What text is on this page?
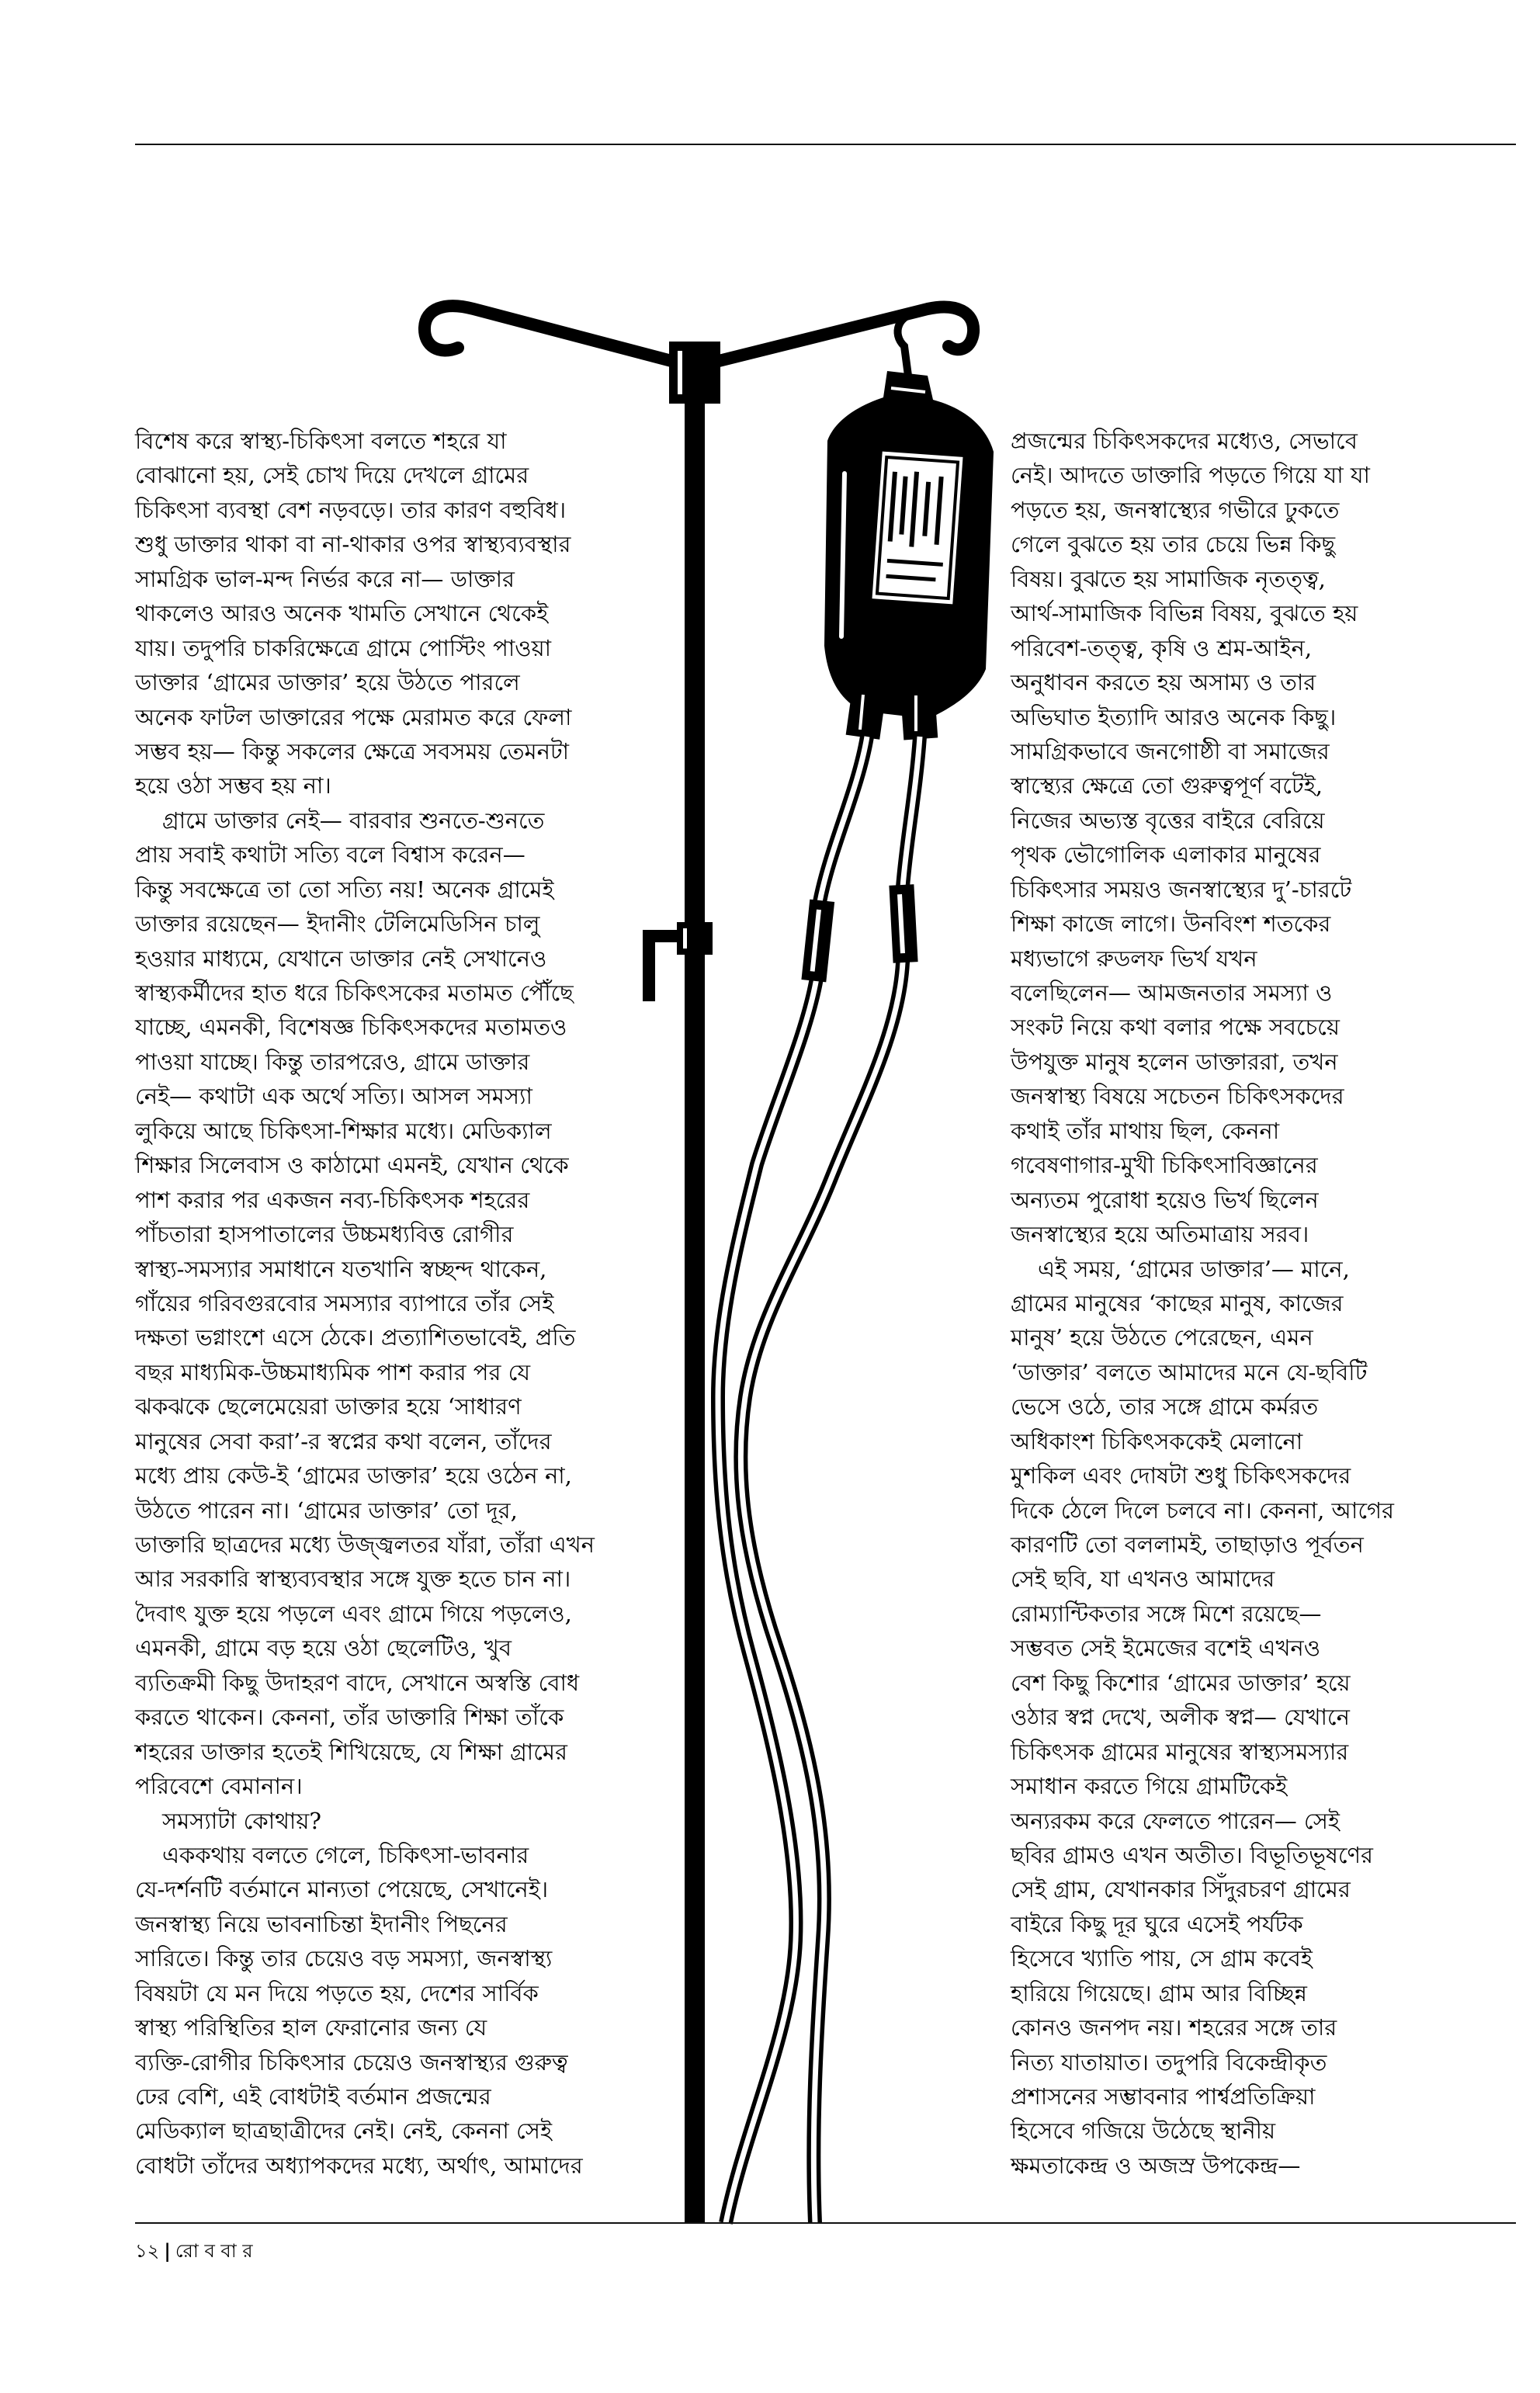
বিশেষ করে স্বাস্থ্য-চিকিৎসা বলতে শহরে যা
বোঝানো হয়, সেই চোখ দিয়ে দেখলে গ্রামের
চিকিৎসা ব্যবস্থা বেশ নড়বড়ে। তার কারণ বহুবিধ।
শুধু ডাক্তার থাকা বা না-থাকার ওপর স্বাস্থ্যব্যবস্থার
সামগ্রিক ভাল-মন্দ নির্ভর করে না— ডাক্তার
থাকলেও আরও অনেক খামতি সেখানে থেকেই
যায়। তদুপরি চাকরিক্ষেত্রে গ্রামে পোস্টিং পাওয়া
ডাক্তার ‘গ্রামের ডাক্তার’ হয়ে উঠতে পারলে
অনেক ফাটল ডাক্তারের পক্ষে মেরামত করে ফেলা
সম্ভব হয়— কিন্তু সকলের ক্ষেত্রে সবসময় তেমনটা
হয়ে ওঠা সম্ভব হয় না।
গ্রামে ডাক্তার নেই— বারবার শুনতে-শুনতে
প্রায় সবাই কথাটা সত্যি বলে বিশ্বাস করেন—
কিন্তু সবক্ষেত্রে তা তো সত্যি নয়! অনেক গ্রামেই
ডাক্তার রয়েছেন— ইদানীং টেলিমেডিসিন চালু
হওয়ার মাধ্যমে, যেখানে ডাক্তার নেই সেখানেও
স্বাস্থ্যকর্মীদের হাত ধরে চিকিৎসকের মতামত পৌঁছে
যাচ্ছে, এমনকী, বিশেষজ্ঞ চিকিৎসকদের মতামতও
পাওয়া যাচ্ছে। কিন্তু তারপরেও, গ্রামে ডাক্তার
নেই— কথাটা এক অর্থে সত্যি। আসল সমস্যা
লুকিয়ে আছে চিকিৎসা-শিক্ষার মধ্যে। মেডিক্যাল
শিক্ষার সিলেবাস ও কাঠামো এমনই, যেখান থেকে
পাশ করার পর একজন নব্য-চিকিৎসক শহরের
পাঁচতারা হাসপাতালের উচ্চমধ্যবিত্ত রোগীর
স্বাস্থ্য-সমস্যার সমাধানে যতখানি স্বচ্ছন্দ থাকেন,
গাঁয়ের গরিবগুরবোর সমস্যার ব্যাপারে তাঁর সেই
দক্ষতা ভগ্নাংশে এসে ঠেকে। প্রত্যাশিতভাবেই, প্রতি
বছর মাধ্যমিক-উচ্চমাধ্যমিক পাশ করার পর যে
ঝকঝকে ছেলেমেয়েরা ডাক্তার হয়ে ‘সাধারণ
মানুষের সেবা করা’-র স্বপ্নের কথা বলেন, তাঁদের
মধ্যে প্রায় কেউ-ই ‘গ্রামের ডাক্তার’ হয়ে ওঠেন না,
উঠতে পারেন না। ‘গ্রামের ডাক্তার’ তো দূর,
ডাক্তারি ছাত্রদের মধ্যে উজ্জ্বলতর যাঁরা, তাঁরা এখন
আর সরকারি স্বাস্থ্যব্যবস্থার সঙ্গে যুক্ত হতে চান না।
দৈবাৎ যুক্ত হয়ে পড়লে এবং গ্রামে গিয়ে পড়লেও,
এমনকী, গ্রামে বড় হয়ে ওঠা ছেলেটিও, খুব
ব্যতিক্রমী কিছু উদাহরণ বাদে, সেখানে অস্বস্তি বোধ
করতে থাকেন। কেননা, তাঁর ডাক্তারি শিক্ষা তাঁকে
শহরের ডাক্তার হতেই শিখিয়েছে, যে শিক্ষা গ্রামের
পরিবেশে বেমানান।
সমস্যাটা কোথায়?
এককথায় বলতে গেলে, চিকিৎসা-ভাবনার
যে-দর্শনটি বর্তমানে মান্যতা পেয়েছে, সেখানেই।
জনস্বাস্থ্য নিয়ে ভাবনাচিন্তা ইদানীং পিছনের
সারিতে। কিন্তু তার চেয়েও বড় সমস্যা, জনস্বাস্থ্য
বিষয়টা যে মন দিয়ে পড়তে হয়, দেশের সার্বিক
স্বাস্থ্য পরিস্থিতির হাল ফেরানোর জন্য যে
ব্যক্তি-রোগীর চিকিৎসার চেয়েও জনস্বাস্থ্যর গুরুত্ব
ঢের বেশি, এই বোধটাই বর্তমান প্রজন্মের
মেডিক্যাল ছাত্রছাত্রীদের নেই। নেই, কেননা সেই
বোধটা তাঁদের অধ্যাপকদের মধ্যে, অর্থাৎ, আমাদের
প্রজন্মের চিকিৎসকদের মধ্যেও, সেভাবে
নেই। আদতে ডাক্তারি পড়তে গিয়ে যা যা
পড়তে হয়, জনস্বাস্থ্যের গভীরে ঢুকতে
গেলে বুঝতে হয় তার চেয়ে ভিন্ন কিছু
বিষয়। বুঝতে হয় সামাজিক নৃতত্ত্ব,
আর্থ-সামাজিক বিভিন্ন বিষয়, বুঝতে হয়
পরিবেশ-তত্ত্ব, কৃষি ও শ্রম-আইন,
অনুধাবন করতে হয় অসাম্য ও তার
অভিঘাত ইত্যাদি আরও অনেক কিছু।
সামগ্রিকভাবে জনগোষ্ঠী বা সমাজের
স্বাস্থ্যের ক্ষেত্রে তো গুরুত্বপূর্ণ বটেই,
নিজের অভ্যস্ত বৃত্তের বাইরে বেরিয়ে
পৃথক ভৌগোলিক এলাকার মানুষের
চিকিৎসার সময়ও জনস্বাস্থ্যের দু’-চারটে
শিক্ষা কাজে লাগে। উনবিংশ শতকের
মধ্যভাগে রুডলফ ভির্খ যখন
বলেছিলেন— আমজনতার সমস্যা ও
সংকট নিয়ে কথা বলার পক্ষে সবচেয়ে
উপযুক্ত মানুষ হলেন ডাক্তাররা, তখন
জনস্বাস্থ্য বিষয়ে সচেতন চিকিৎসকদের
কথাই তাঁর মাথায় ছিল, কেননা
গবেষণাগার-মুখী চিকিৎসাবিজ্ঞানের
অন্যতম পুরোধা হয়েও ভির্খ ছিলেন
জনস্বাস্থ্যের হয়ে অতিমাত্রায় সরব।
এই সময়, ‘গ্রামের ডাক্তার’— মানে,
গ্রামের মানুষের ‘কাছের মানুষ, কাজের
মানুষ’ হয়ে উঠতে পেরেছেন, এমন
‘ডাক্তার’ বলতে আমাদের মনে যে-ছবিটি
ভেসে ওঠে, তার সঙ্গে গ্রামে কর্মরত
অধিকাংশ চিকিৎসককেই মেলানো
মুশকিল এবং দোষটা শুধু চিকিৎসকদের
দিকে ঠেলে দিলে চলবে না। কেননা, আগের
কারণটি তো বললামই, তাছাড়াও পূর্বতন
সেই ছবি, যা এখনও আমাদের
রোম্যান্টিকতার সঙ্গে মিশে রয়েছে—
সম্ভবত সেই ইমেজের বশেই এখনও
বেশ কিছু কিশোর ‘গ্রামের ডাক্তার’ হয়ে
ওঠার স্বপ্ন দেখে, অলীক স্বপ্ন— যেখানে
চিকিৎসক গ্রামের মানুষের স্বাস্থ্যসমস্যার
সমাধান করতে গিয়ে গ্রামটিকেই
অন্যরকম করে ফেলতে পারেন— সেই
ছবির গ্রামও এখন অতীত। বিভূতিভূষণের
সেই গ্রাম, যেখানকার সিঁদুরচরণ গ্রামের
বাইরে কিছু দূর ঘুরে এসেই পর্যটক
হিসেবে খ্যাতি পায়, সে গ্রাম কবেই
হারিয়ে গিয়েছে। গ্রাম আর বিচ্ছিন্ন
কোনও জনপদ নয়। শহরের সঙ্গে তার
নিত্য যাতায়াত। তদুপরি বিকেন্দ্রীকৃত
প্রশাসনের সম্ভাবনার পার্শ্বপ্রতিক্রিয়া
হিসেবে গজিয়ে উঠেছে স্থানীয়
ক্ষমতাকেন্দ্র ও অজস্র উপকেন্দ্র—
১২ | রো ব বা র
